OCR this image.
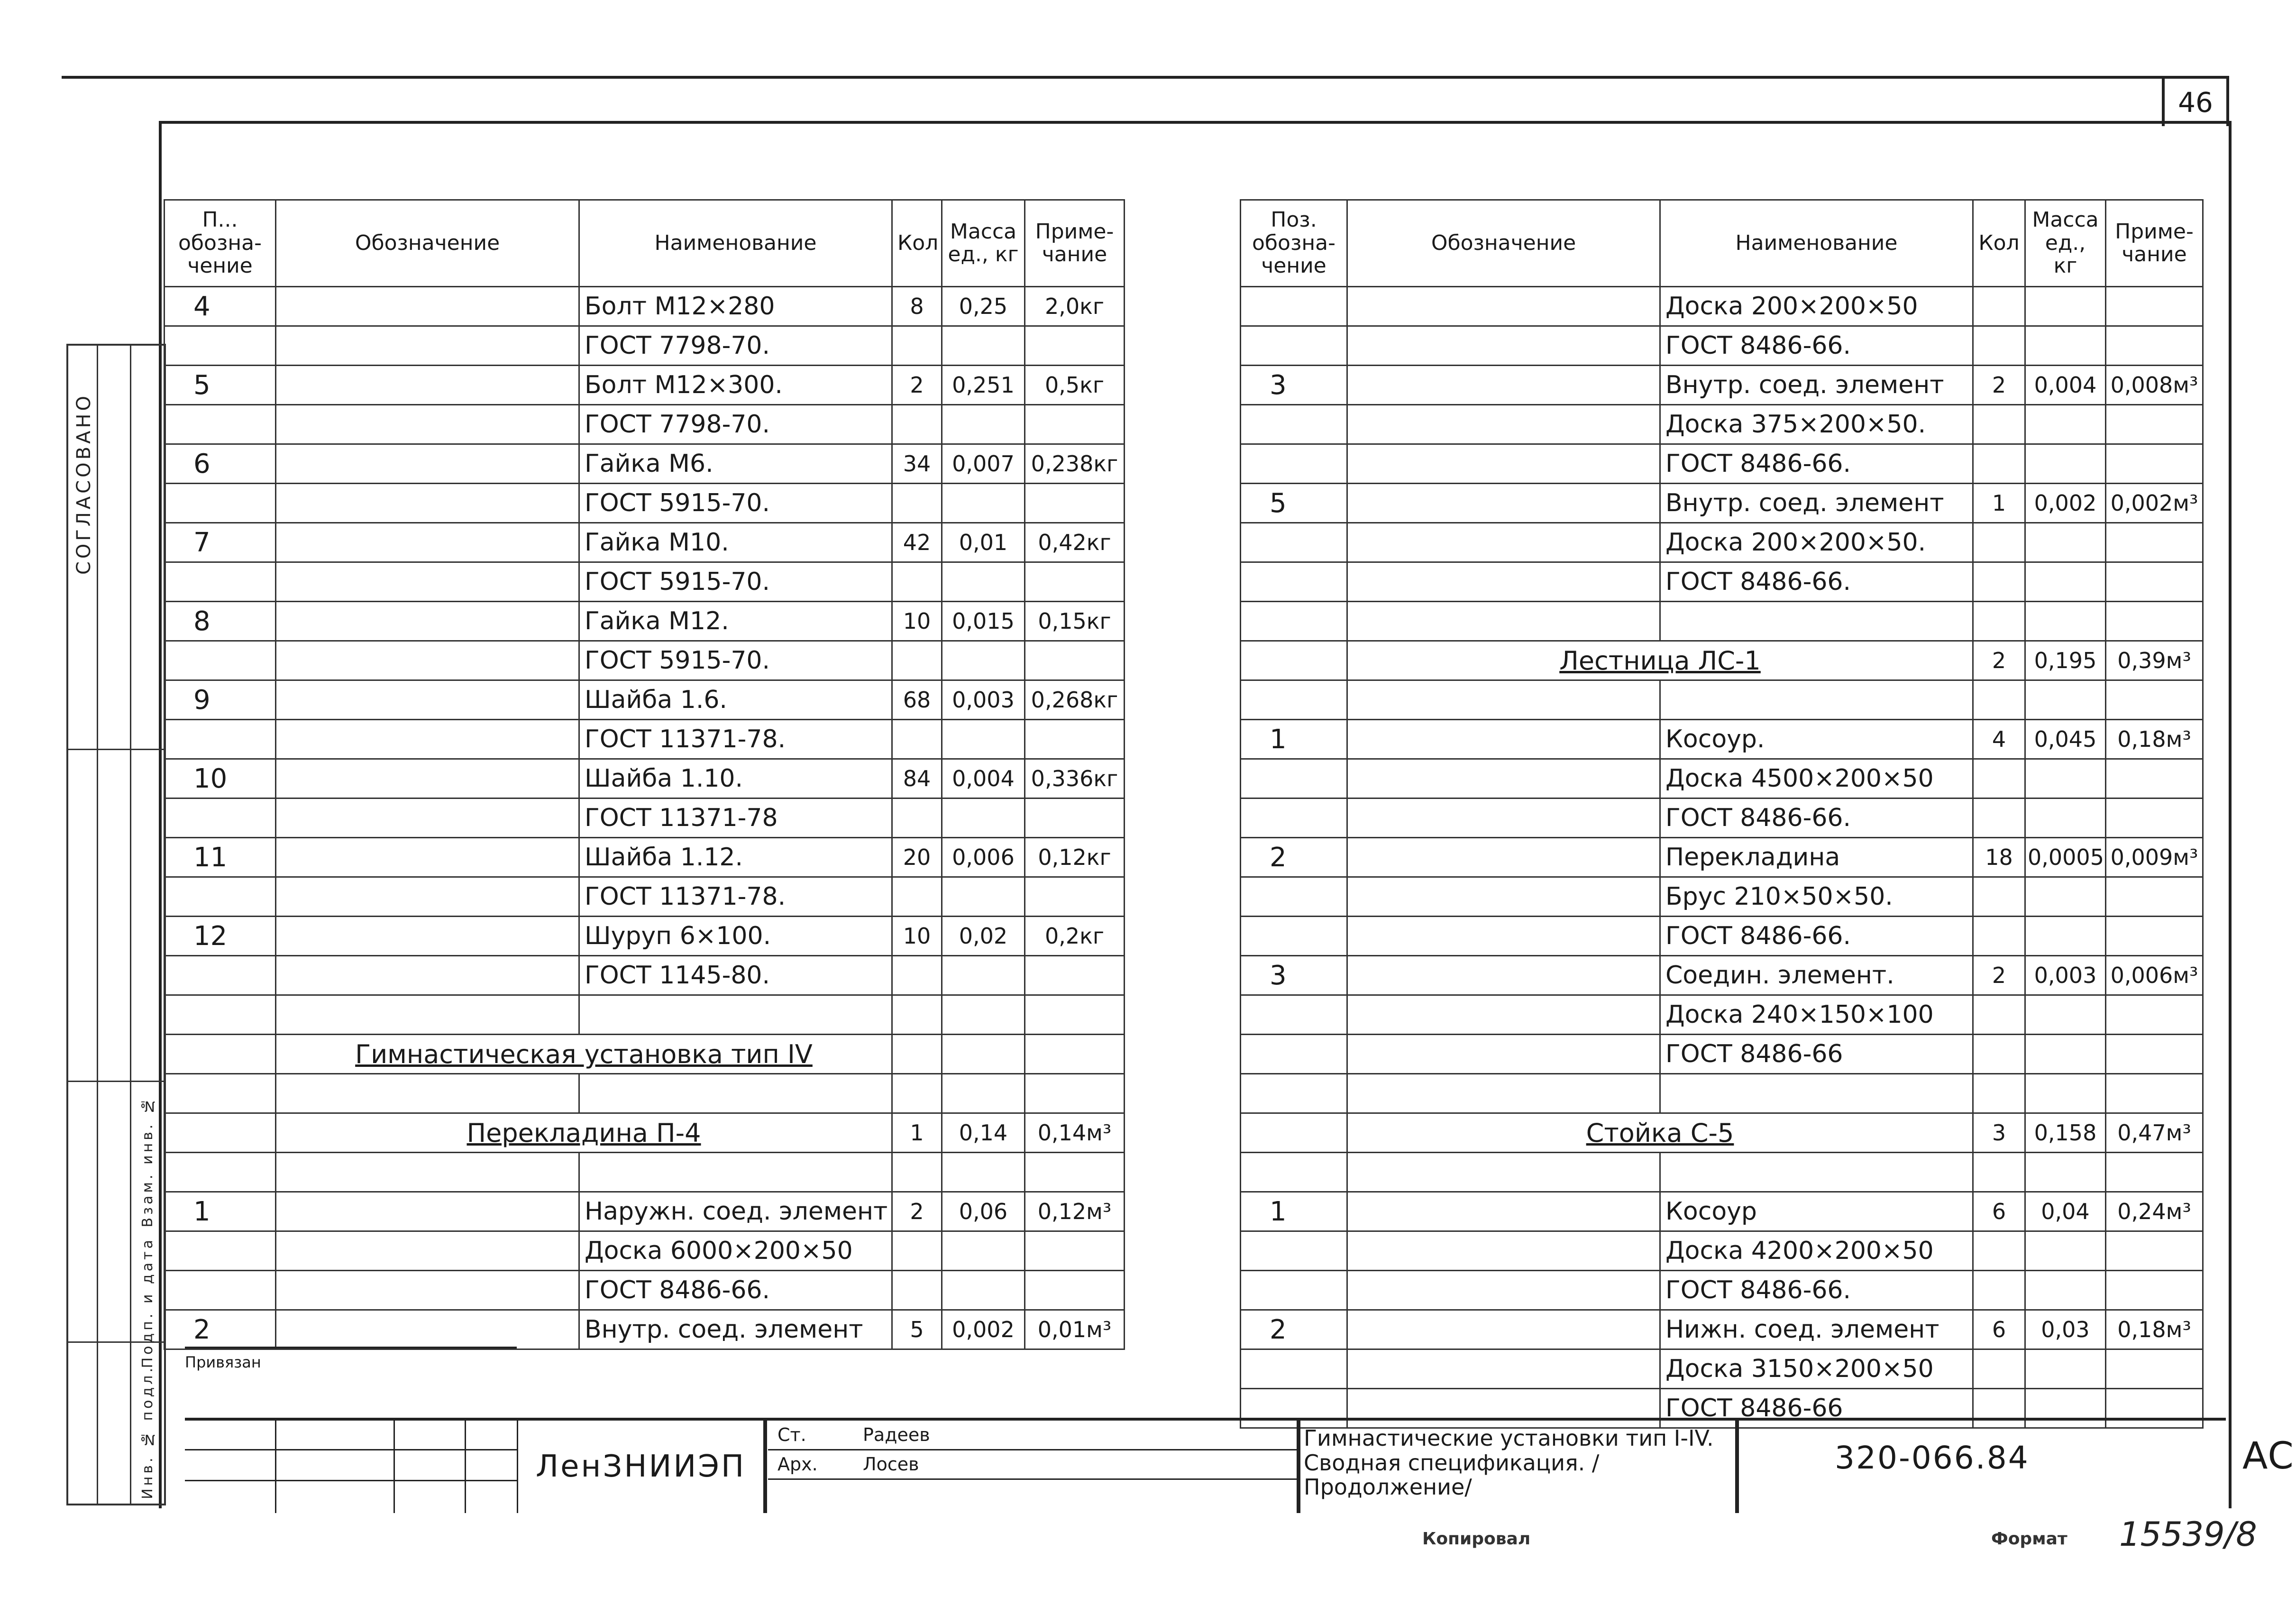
46
СОГЛАСОВАНО
Взам. инв. №
Подп. и дата
Инв. № подл.
П... обозна-чение	Обозначение	Наименование	Кол	Масса ед., кг	Приме-чание
4		Болт М12×280	8	0,25	2,0кг
		ГОСТ 7798-70.			
5		Болт М12×300.	2	0,251	0,5кг
		ГОСТ 7798-70.			
6		Гайка М6.	34	0,007	0,238кг
		ГОСТ 5915-70.			
7		Гайка М10.	42	0,01	0,42кг
		ГОСТ 5915-70.			
8		Гайка М12.	10	0,015	0,15кг
		ГОСТ 5915-70.			
9		Шайба 1.6.	68	0,003	0,268кг
		ГОСТ 11371-78.			
10		Шайба 1.10.	84	0,004	0,336кг
		ГОСТ 11371-78			
11		Шайба 1.12.	20	0,006	0,12кг
		ГОСТ 11371-78.			
12		Шуруп 6×100.	10	0,02	0,2кг
		ГОСТ 1145-80.			

	Гимнастическая установка тип IV				

	Перекладина П-4		1	0,14	0,14м³

1		Наружн. соед. элемент	2	0,06	0,12м³
		Доска 6000×200×50			
		ГОСТ 8486-66.			
2		Внутр. соед. элемент	5	0,002	0,01м³
Поз. обозна-чение	Обозначение	Наименование	Кол	Масса ед., кг	Приме-чание
		Доска 200×200×50			
		ГОСТ 8486-66.			
3		Внутр. соед. элемент	2	0,004	0,008м³
		Доска 375×200×50.			
		ГОСТ 8486-66.			
5		Внутр. соед. элемент	1	0,002	0,002м³
		Доска 200×200×50.			
		ГОСТ 8486-66.			

	Лестница ЛС-1		2	0,195	0,39м³

1		Косоур.	4	0,045	0,18м³
		Доска 4500×200×50			
		ГОСТ 8486-66.			
2		Перекладина	18	0,0005	0,009м³
		Брус 210×50×50.			
		ГОСТ 8486-66.			
3		Соедин. элемент.	2	0,003	0,006м³
		Доска 240×150×100			
		ГОСТ 8486-66			

	Стойка С-5		3	0,158	0,47м³

1		Косоур	6	0,04	0,24м³
		Доска 4200×200×50			
		ГОСТ 8486-66.			
2		Нижн. соед. элемент	6	0,03	0,18м³
		Доска 3150×200×50			
		ГОСТ 8486-66			
Привязан
ЛенЗНИИЭП
Ст.	Радеев
Арх.	Лосев
Гимнастические установки тип I-IV. Сводная спецификация. /Продолжение/
320-066.84	АС
Копировал	Формат 15539/8
